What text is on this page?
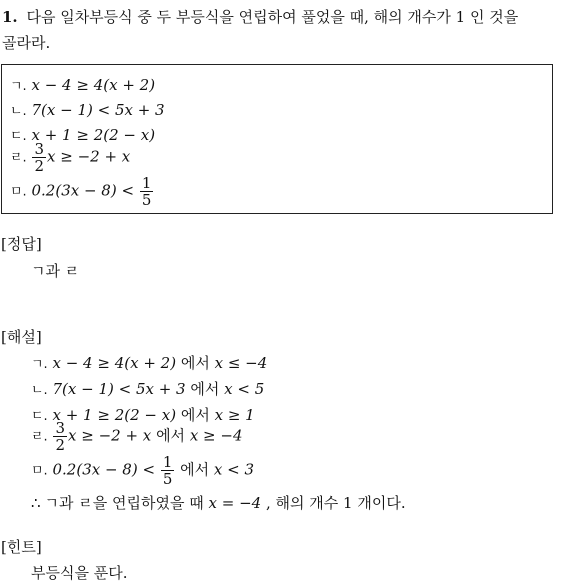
1. 다음 일차부등식 중 두 부등식을 연립하여 풀었을 때, 해의 개수가 1 인 것을
골라라.
ㄱ. x − 4 ≥ 4(x + 2)
ㄴ. 7(x − 1) < 5x + 3
ㄷ. x + 1 ≥ 2(2 − x)
ㄹ. $\frac{3}{2}$ x ≥ −2 + x
ㅁ. $0.2(3x - 8) < \frac{1}{5}$
[정답]
ㄱ과 ㄹ
[해설]
ㄱ. x − 4 ≥ 4(x + 2) 에서 x ≤ −4
ㄴ. 7(x − 1) < 5x + 3 에서 x < 5
ㄷ. x + 1 ≥ 2(2 − x) 에서 x ≥ 1
ㄹ. $\frac{3}{2}$ x ≥ −2 + x 에서 x ≥ −4
ㅁ. $0.2(3x - 8) < \frac{1}{5}$ 에서 x < 3
∴ ㄱ과 ㄹ을 연립하였을 때 x = −4 , 해의 개수 1 개이다.
[힌트]
부등식을 푼다.
